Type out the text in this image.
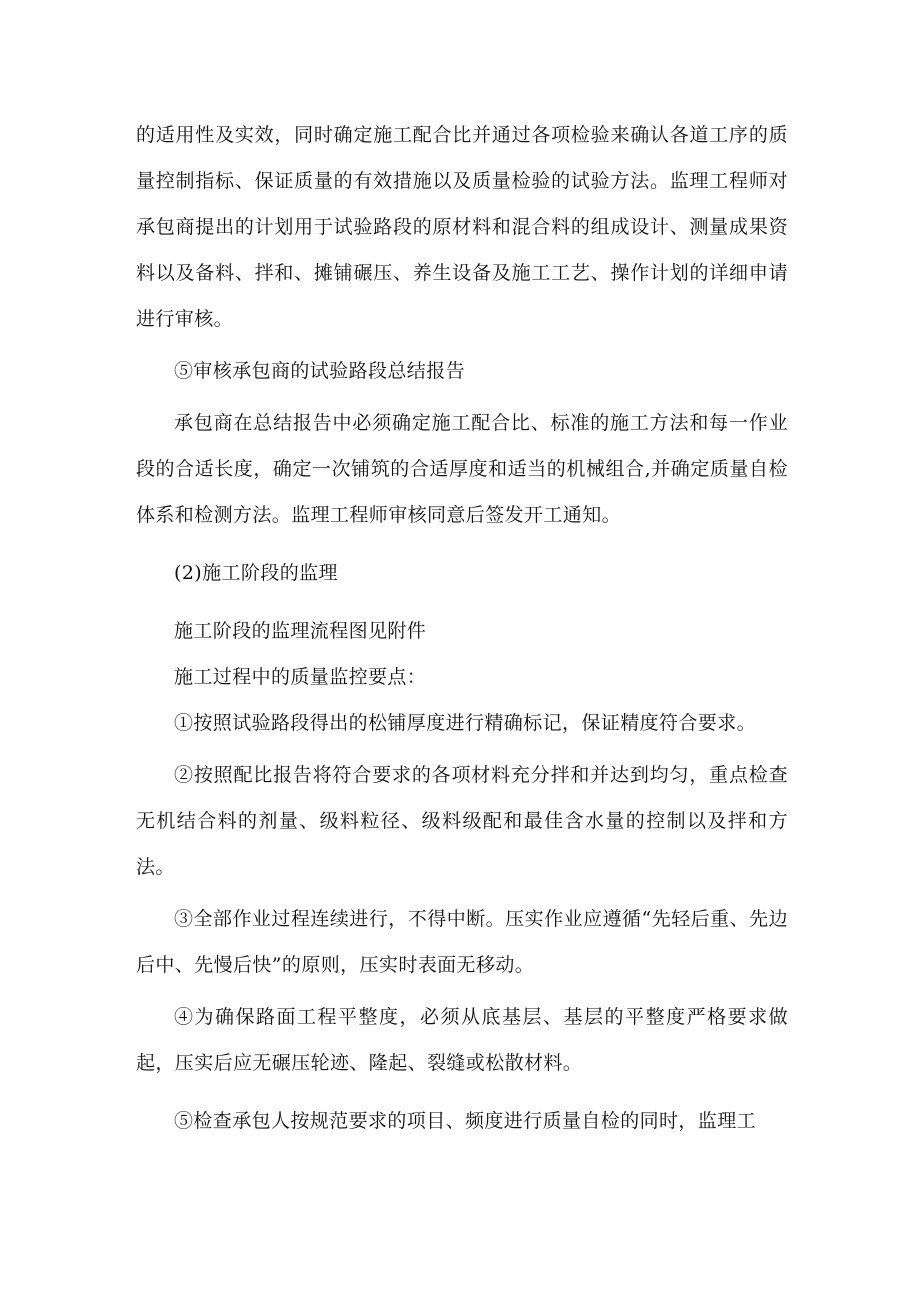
的适用性及实效，同时确定施工配合比并通过各项检验来确认各道工序的质量控制指标、保证质量的有效措施以及质量检验的试验方法。监理工程师对承包商提出的计划用于试验路段的原材料和混合料的组成设计、测量成果资料以及备料、拌和、摊铺碾压、养生设备及施工工艺、操作计划的详细申请进行审核。

⑤审核承包商的试验路段总结报告

承包商在总结报告中必须确定施工配合比、标准的施工方法和每一作业段的合适长度，确定一次铺筑的合适厚度和适当的机械组合,并确定质量自检体系和检测方法。监理工程师审核同意后签发开工通知。

(2)施工阶段的监理

施工阶段的监理流程图见附件

施工过程中的质量监控要点：

①按照试验路段得出的松铺厚度进行精确标记，保证精度符合要求。

②按照配比报告将符合要求的各项材料充分拌和并达到均匀，重点检查无机结合料的剂量、级料粒径、级料级配和最佳含水量的控制以及拌和方法。

③全部作业过程连续进行，不得中断。压实作业应遵循“先轻后重、先边后中、先慢后快”的原则，压实时表面无移动。

④为确保路面工程平整度，必须从底基层、基层的平整度严格要求做起，压实后应无碾压轮迹、隆起、裂缝或松散材料。

⑤检查承包人按规范要求的项目、频度进行质量自检的同时，监理工
